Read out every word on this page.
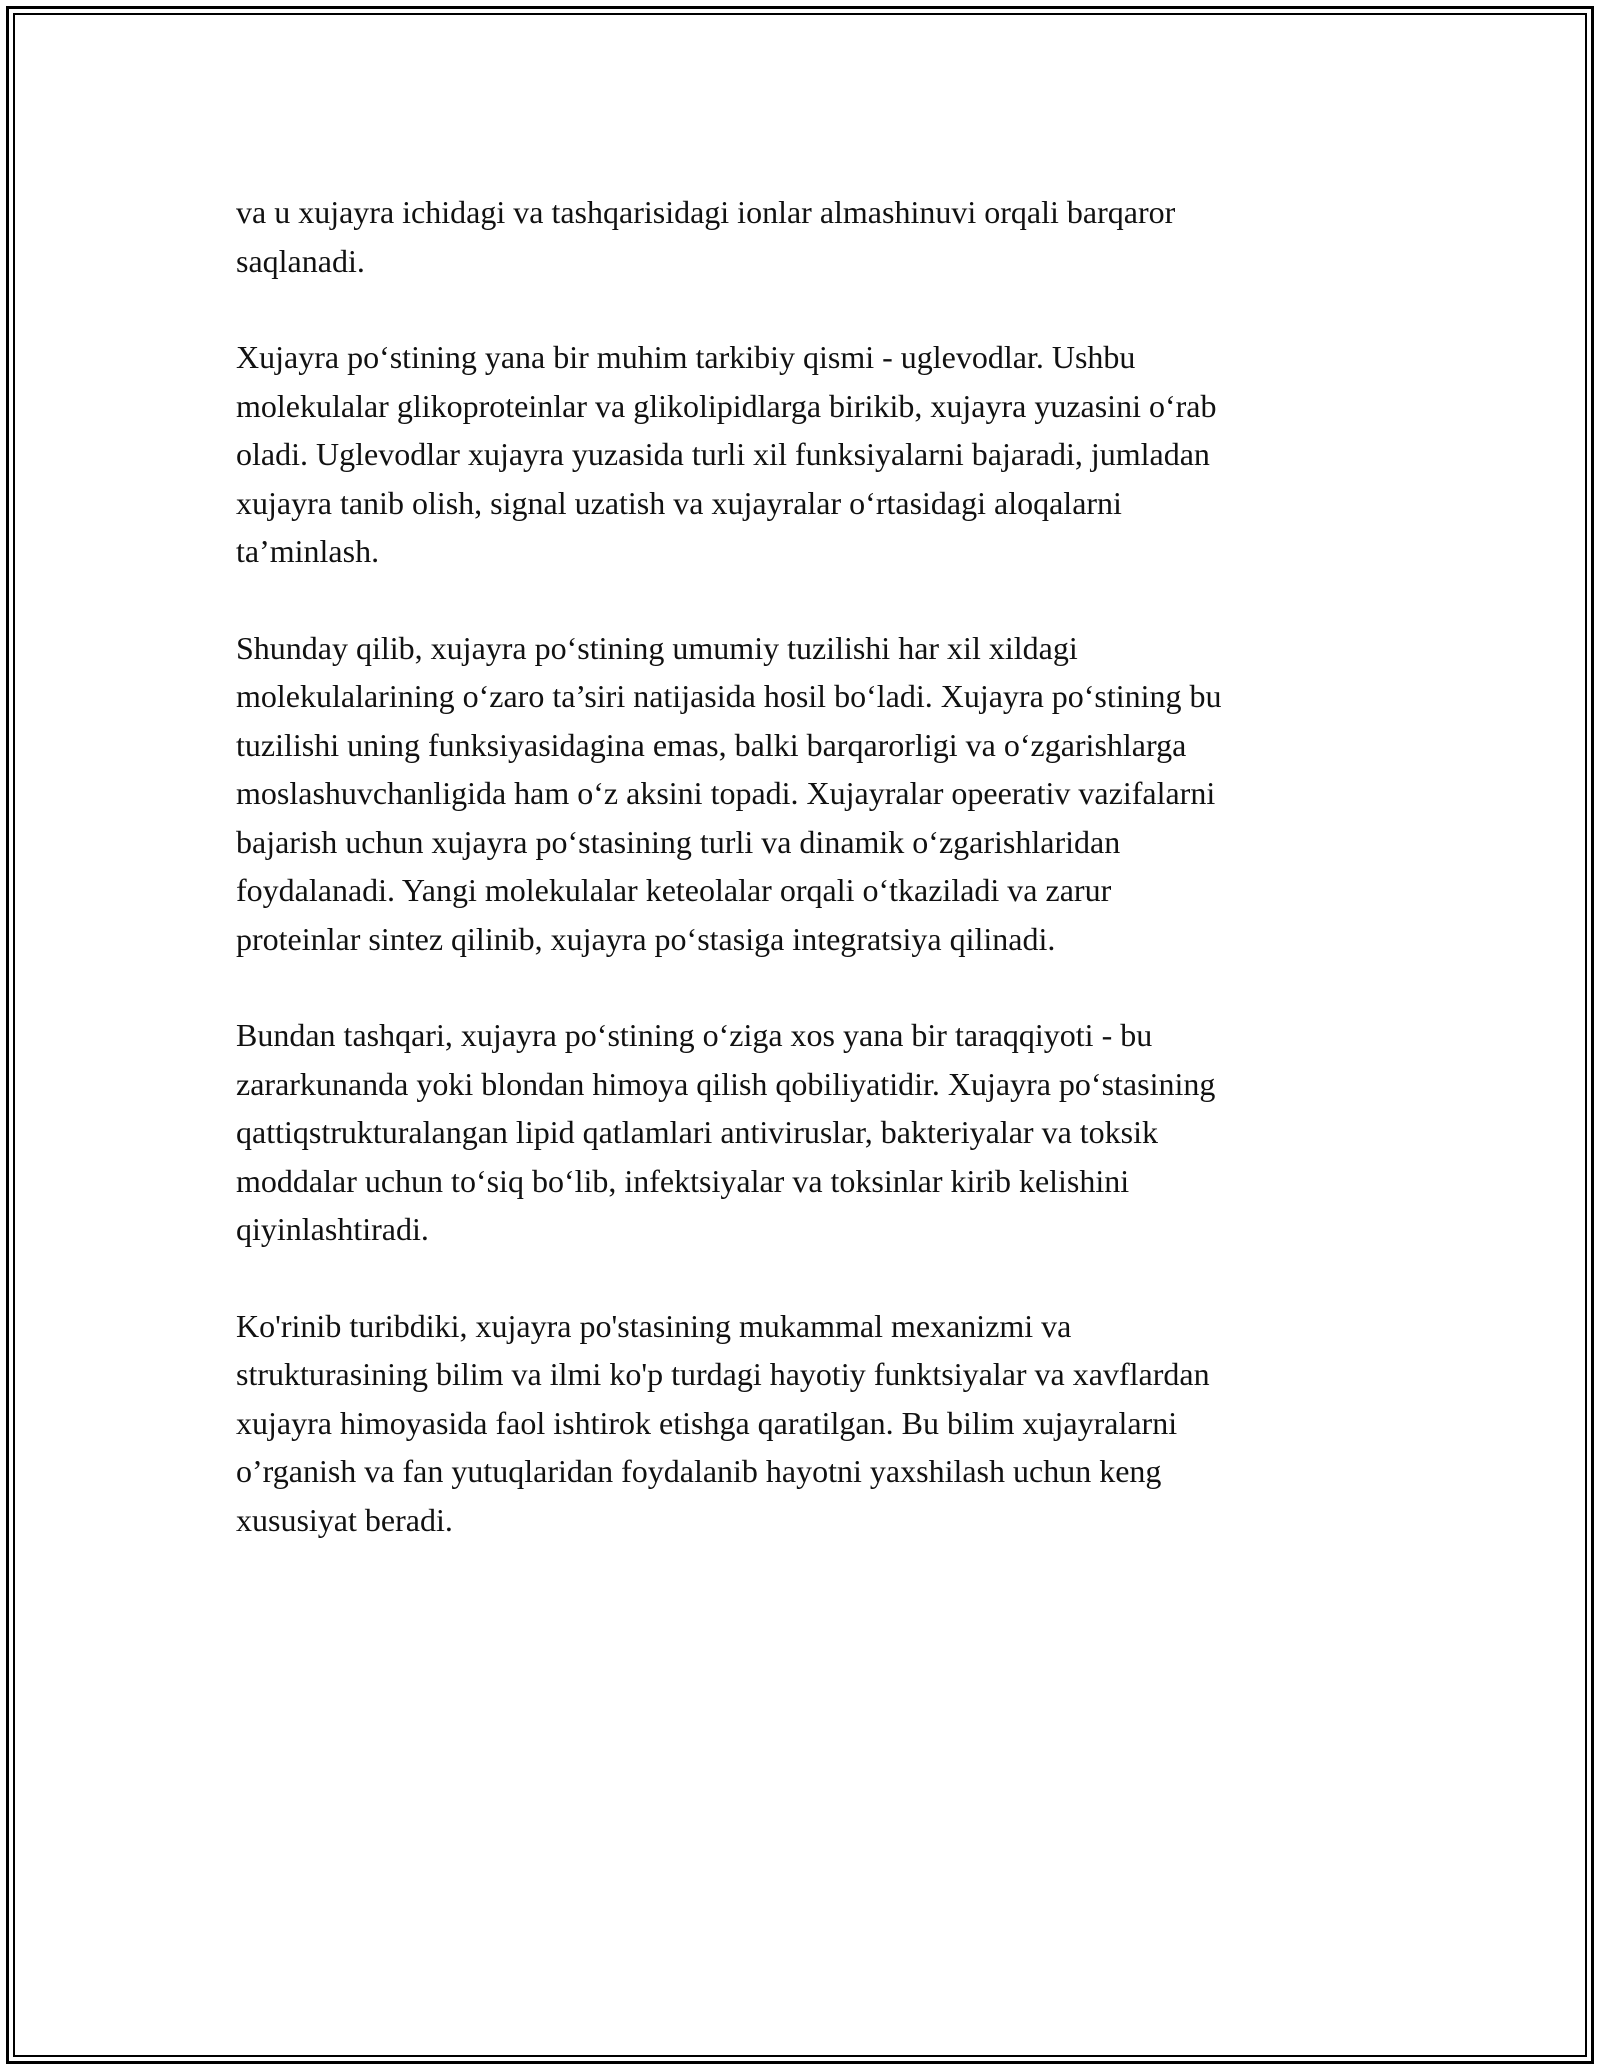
va u xujayra ichidagi va tashqarisidagi ionlar almashinuvi orqali barqaror
saqlanadi.

Xujayra po‘stining yana bir muhim tarkibiy qismi - uglevodlar. Ushbu
molekulalar glikoproteinlar va glikolipidlarga birikib, xujayra yuzasini o‘rab
oladi. Uglevodlar xujayra yuzasida turli xil funksiyalarni bajaradi, jumladan
xujayra tanib olish, signal uzatish va xujayralar o‘rtasidagi aloqalarni
ta’minlash.

Shunday qilib, xujayra po‘stining umumiy tuzilishi har xil xildagi
molekulalarining o‘zaro ta’siri natijasida hosil bo‘ladi. Xujayra po‘stining bu
tuzilishi uning funksiyasidagina emas, balki barqarorligi va o‘zgarishlarga
moslashuvchanligida ham o‘z aksini topadi. Xujayralar opeerativ vazifalarni
bajarish uchun xujayra po‘stasining turli va dinamik o‘zgarishlaridan
foydalanadi. Yangi molekulalar keteolalar orqali o‘tkaziladi va zarur
proteinlar sintez qilinib, xujayra po‘stasiga integratsiya qilinadi.

Bundan tashqari, xujayra po‘stining o‘ziga xos yana bir taraqqiyoti - bu
zararkunanda yoki blondan himoya qilish qobiliyatidir. Xujayra po‘stasining
qattiqstrukturalangan lipid qatlamlari antiviruslar, bakteriyalar va toksik
moddalar uchun to‘siq bo‘lib, infektsiyalar va toksinlar kirib kelishini
qiyinlashtiradi.

Ko'rinib turibdiki, xujayra po'stasining mukammal mexanizmi va
strukturasining bilim va ilmi ko'p turdagi hayotiy funktsiyalar va xavflardan
xujayra himoyasida faol ishtirok etishga qaratilgan. Bu bilim xujayralarni
o’rganish va fan yutuqlaridan foydalanib hayotni yaxshilash uchun keng
xususiyat beradi.
